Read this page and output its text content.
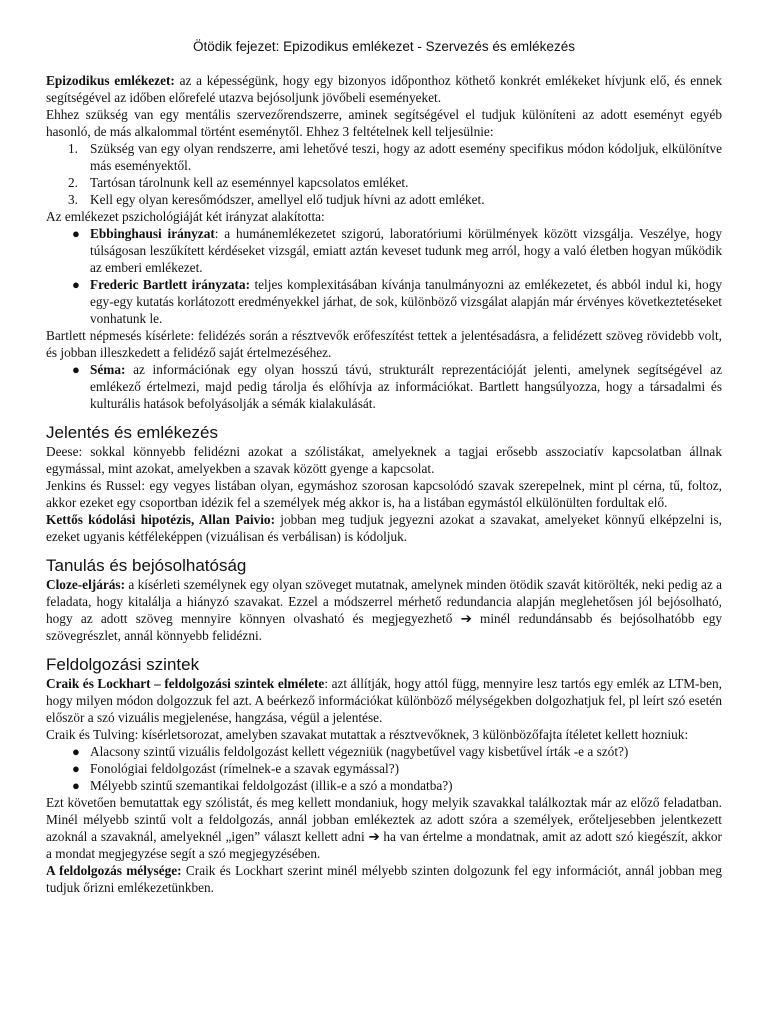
Ötödik fejezet: Epizodikus emlékezet - Szervezés és emlékezés

Epizodikus emlékezet: az a képességünk, hogy egy bizonyos időponthoz köthető konkrét emlékeket hívjunk elő, és ennek segítségével az időben előrefelé utazva bejósoljunk jövőbeli eseményeket.

Ehhez szükség van egy mentális szervezőrendszerre, aminek segítségével el tudjuk különíteni az adott eseményt egyéb hasonló, de más alkalommal történt eseménytől. Ehhez 3 feltételnek kell teljesülnie:

1. Szükség van egy olyan rendszerre, ami lehetővé teszi, hogy az adott esemény specifikus módon kódoljuk, elkülönítve más eseményektől.
2. Tartósan tárolnunk kell az eseménnyel kapcsolatos emléket.
3. Kell egy olyan keresőmódszer, amellyel elő tudjuk hívni az adott emléket.

Az emlékezet pszichológiáját két irányzat alakította:

● Ebbinghausi irányzat: a humánemlékezetet szigorú, laboratóriumi körülmények között vizsgálja. Veszélye, hogy túlságosan leszűkített kérdéseket vizsgál, emiatt aztán keveset tudunk meg arról, hogy a való életben hogyan működik az emberi emlékezet.
● Frederic Bartlett irányzata: teljes komplexitásában kívánja tanulmányozni az emlékezetet, és abból indul ki, hogy egy-egy kutatás korlátozott eredményekkel járhat, de sok, különböző vizsgálat alapján már érvényes következtetéseket vonhatunk le.

Bartlett népmesés kísérlete: felidézés során a résztvevők erőfeszítést tettek a jelentésadásra, a felidézett szöveg rövidebb volt, és jobban illeszkedett a felidéző saját értelmezéséhez.

● Séma: az információnak egy olyan hosszú távú, strukturált reprezentációját jelenti, amelynek segítségével az emlékező értelmezi, majd pedig tárolja és előhívja az információkat. Bartlett hangsúlyozza, hogy a társadalmi és kulturális hatások befolyásolják a sémák kialakulását.
Jelentés és emlékezés

Deese: sokkal könnyebb felidézni azokat a szólistákat, amelyeknek a tagjai erősebb asszociatív kapcsolatban állnak egymással, mint azokat, amelyekben a szavak között gyenge a kapcsolat.

Jenkins és Russel: egy vegyes listában olyan, egymáshoz szorosan kapcsolódó szavak szerepelnek, mint pl cérna, tű, foltoz, akkor ezeket egy csoportban idézik fel a személyek még akkor is, ha a listában egymástól elkülönülten fordultak elő.

Kettős kódolási hipotézis, Allan Paivio: jobban meg tudjuk jegyezni azokat a szavakat, amelyeket könnyű elképzelni is, ezeket ugyanis kétféleképpen (vizuálisan és verbálisan) is kódoljuk.

Tanulás és bejósolhatóság

Cloze-eljárás: a kísérleti személynek egy olyan szöveget mutatnak, amelynek minden ötödik szavát kitörölték, neki pedig az a feladata, hogy kitalálja a hiányzó szavakat. Ezzel a módszerrel mérhető redundancia alapján meglehetősen jól bejósolható, hogy az adott szöveg mennyire könnyen olvasható és megjegyezhető ➔ minél redundánsabb és bejósolhatóbb egy szövegrészlet, annál könnyebb felidézni.

Feldolgozási szintek

Craik és Lockhart – feldolgozási szintek elmélete: azt állítják, hogy attól függ, mennyire lesz tartós egy emlék az LTM-ben, hogy milyen módon dolgozzuk fel azt. A beérkező információkat különböző mélységekben dolgozhatjuk fel, pl leírt szó esetén először a szó vizuális megjelenése, hangzása, végül a jelentése.

Craik és Tulving: kísérletsorozat, amelyben szavakat mutattak a résztvevőknek, 3 különbözőfajta ítéletet kellett hozniuk:

● Alacsony szintű vizuális feldolgozást kellett végezniük (nagybetűvel vagy kisbetűvel írták -e a szót?)
● Fonológiai feldolgozást (rímelnek-e a szavak egymással?)
● Mélyebb szintű szemantikai feldolgozást (illik-e a szó a mondatba?)

Ezt követően bemutattak egy szólistát, és meg kellett mondaniuk, hogy melyik szavakkal találkoztak már az előző feladatban. Minél mélyebb szintű volt a feldolgozás, annál jobban emlékeztek az adott szóra a személyek, erőteljesebben jelentkezett azoknál a szavaknál, amelyeknél „igen” választ kellett adni ➔ ha van értelme a mondatnak, amit az adott szó kiegészít, akkor a mondat megjegyzése segít a szó megjegyzésében.

A feldolgozás mélysége: Craik és Lockhart szerint minél mélyebb szinten dolgozunk fel egy információt, annál jobban meg tudjuk őrizni emlékezetünkben.
